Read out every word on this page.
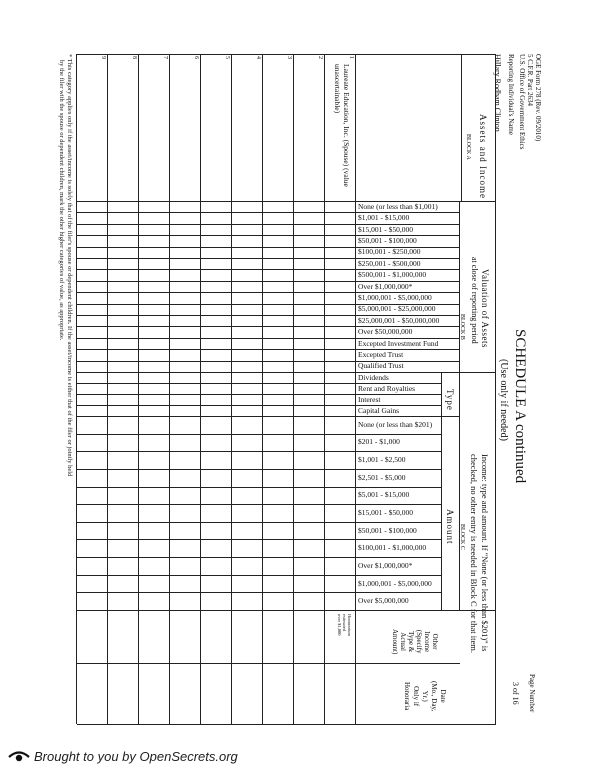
OGE Form 278 (Rev. 09/2010)
5 C.F.R. Part 2634
U.S. Office of Government Ethics
Reporting Individual's Name
Hillary Rodham Clinton
SCHEDULE A continued
(Use only if needed)
Page Number
3 of 16
Assets and Income
BLOCK A
Valuation of Assets
at close of reporting period
BLOCK B
Income: type and amount. If "None (or less than $201)" is
checked, no other entry is needed in Block C for that item.
BLOCK C
Type
Amount
Other
Income
(Specify
Type &
Actual
Amount)
Date
(Mo., Day,
Yr.)
Only if
Honoraria
* This category applies only if the asset/income is solely that of the filer's spouse or dependent children. If the asset/income is either that of the filer or jointly held
by the filer with the spouse or dependent children, mark the other higher categories of value, as appropriate.	None (or less than $1,001)
$1,001 - $15,000
$15,001 - $50,000
$50,001 - $100,000
$100,001 - $250,000
$250,001 - $500,000
$500,001 - $1,000,000
Over $1,000,000*
$1,000,001 - $5,000,000
$5,000,001 - $25,000,000
$25,000,001 - $50,000,000
Over $50,000,000
Excepted Investment Fund
Excepted Trust
Qualified Trust
Dividends
Rent and Royalties
Interest
Capital Gains
None (or less than $201)
$201 - $1,000
$1,001 - $2,500
$2,501 - $5,000
$5,001 - $15,000
$15,001 - $50,000
$50,001 - $100,000
$100,001 - $1,000,000
Over $1,000,000*
$1,000,001 - $5,000,000
Over $5,000,000
1
Laureate Education, Inc. (Spouse) (value
unascertainable)
Honorarium
estimated
over $1,000
2
3
4
5
6
7
8
9
Brought to you by OpenSecrets.org
